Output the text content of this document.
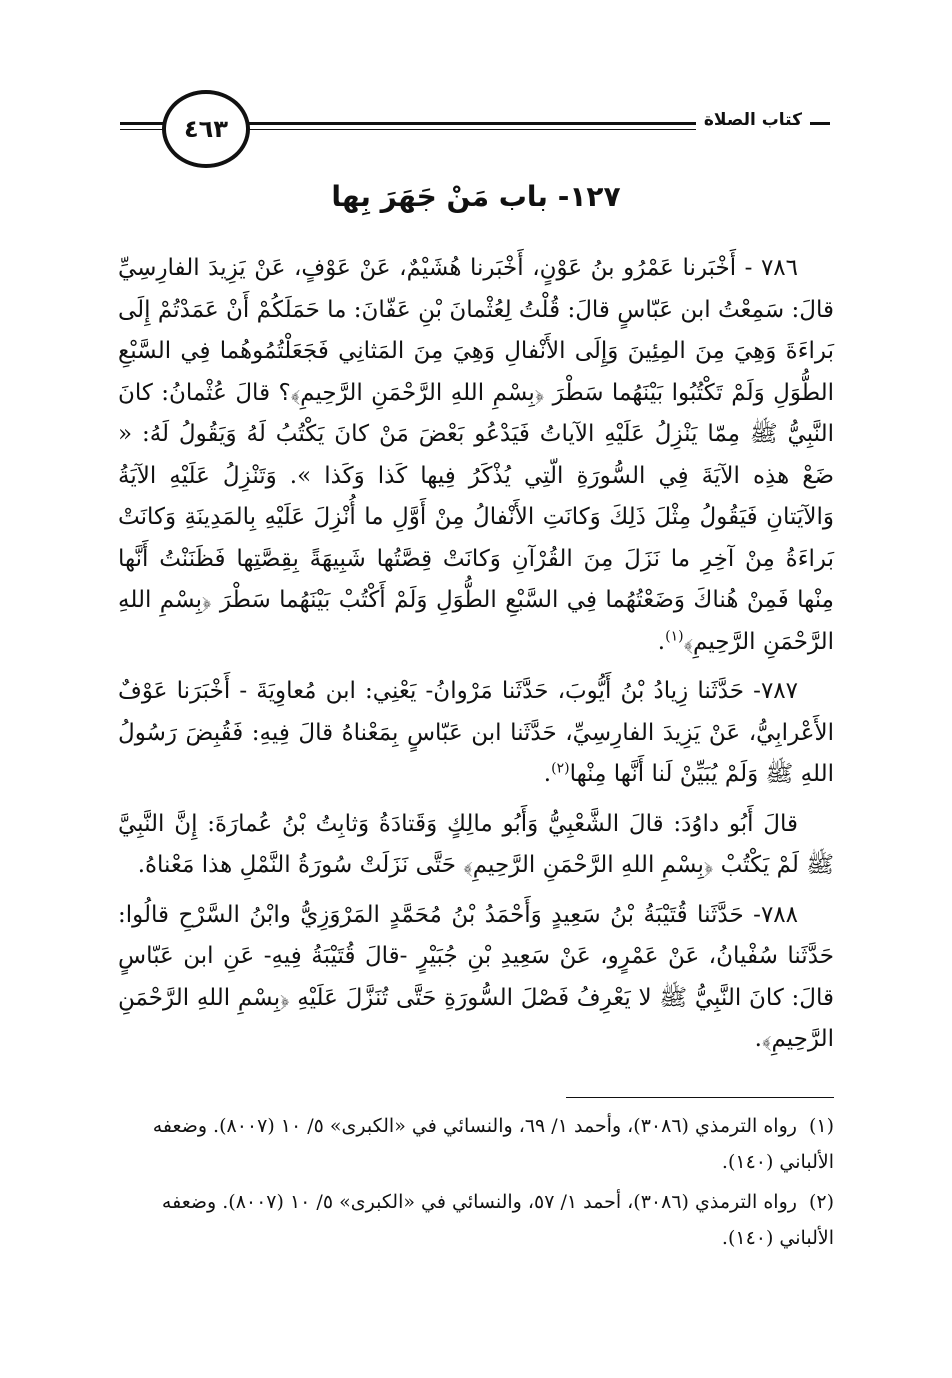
٤٦٣	كتاب الصلاة
١٢٧- باب مَنْ جَهَرَ بِها

٧٨٦ - أَخْبَرنا عَمْرُو بنُ عَوْنٍ، أَخْبَرنا هُشَيْمٌ، عَنْ عَوْفٍ، عَنْ يَزِيدَ الفارِسِيِّ قالَ: سَمِعْتُ ابن عَبّاسٍ قالَ: قُلْتُ لِعُثْمانَ بْنِ عَفّانَ: ما حَمَلَكُمْ أَنْ عَمَدْتُمْ إِلَى بَراءَةَ وَهِيَ مِنَ المِئِينَ وَإِلَى الأَنْفالِ وَهِيَ مِنَ المَثانِي فَجَعَلْتُمُوهُما فِي السَّبْعِ الطُّوَلِ وَلَمْ تَكْتُبُوا بَيْنَهُما سَطْرَ ﴿بِسْمِ اللهِ الرَّحْمَنِ الرَّحِيمِ﴾؟ قالَ عُثْمانُ: كانَ النَّبِيُّ ﷺ مِمّا يَنْزِلُ عَلَيْهِ الآياتُ فَيَدْعُو بَعْضَ مَنْ كانَ يَكْتُبُ لَهُ وَيَقُولُ لَهُ: « ضَعْ هذِه الآيَةَ فِي السُّورَةِ الّتِي يُذْكَرُ فِيها كَذا وَكَذا ». وَتَنْزِلُ عَلَيْهِ الآيَةُ وَالآيَتانِ فَيَقُولُ مِثْلَ ذَلِكَ وَكانَتِ الأَنْفالُ مِنْ أَوَّلِ ما أُنْزِلَ عَلَيْهِ بِالمَدِينَةِ وَكانَتْ بَراءَةُ مِنْ آخِرِ ما نَزَلَ مِنَ القُرْآنِ وَكانَتْ قِصَّتُها شَبِيهَةً بِقِصَّتِها فَظَنَنْتُ أَنَّها مِنْها فَمِنْ هُناكَ وَضَعْتُهُما فِي السَّبْعِ الطُّوَلِ وَلَمْ أَكْتُبْ بَيْنَهُما سَطْرَ ﴿بِسْمِ اللهِ الرَّحْمَنِ الرَّحِيمِ﴾$^{(١)}$.

٧٨٧- حَدَّثَنا زِيادُ بْنُ أَيُّوبَ، حَدَّثَنا مَرْوانُ- يَعْنِي: ابن مُعاوِيَةَ - أَخْبَرَنا عَوْفٌ الأَعْرابِيُّ، عَنْ يَزِيدَ الفارِسِيِّ، حَدَّثَنا ابن عَبّاسٍ بِمَعْناهُ قالَ فِيهِ: فَقُبِضَ رَسُولُ اللهِ ﷺ وَلَمْ يُبَيِّنْ لَنا أَنَّها مِنْها$^{(٢)}$.

قالَ أَبُو داوُدَ: قالَ الشَّعْبِيُّ وَأَبُو مالِكٍ وَقَتادَةُ وَثابِتُ بْنُ عُمارَةَ: إِنَّ النَّبِيَّ ﷺ لَمْ يَكْتُبْ ﴿بِسْمِ اللهِ الرَّحْمَنِ الرَّحِيمِ﴾ حَتَّى نَزَلَتْ سُورَةُ النَّمْلِ هذا مَعْناهُ.

٧٨٨- حَدَّثَنا قُتَيْبَةُ بْنُ سَعِيدٍ وَأَحْمَدُ بْنُ مُحَمَّدٍ المَرْوَزِيُّ وابْنُ السَّرْحِ قالُوا: حَدَّثَنا سُفْيانُ، عَنْ عَمْرٍو، عَنْ سَعِيدِ بْنِ جُبَيْرٍ -قالَ قُتَيْبَةُ فِيهِ- عَنِ ابن عَبّاسٍ قالَ: كانَ النَّبِيُّ ﷺ لا يَعْرِفُ فَصْلَ السُّورَةِ حَتَّى تُنَزَّلَ عَلَيْهِ ﴿بِسْمِ اللهِ الرَّحْمَنِ الرَّحِيمِ﴾.

(١)رواه الترمذي (٣٠٨٦)، وأحمد ١/ ٦٩، والنسائي في «الكبرى» ٥/ ١٠ (٨٠٠٧). وضعفه الألباني (١٤٠).

(٢)رواه الترمذي (٣٠٨٦)، أحمد ١/ ٥٧، والنسائي في «الكبرى» ٥/ ١٠ (٨٠٠٧). وضعفه الألباني (١٤٠).
